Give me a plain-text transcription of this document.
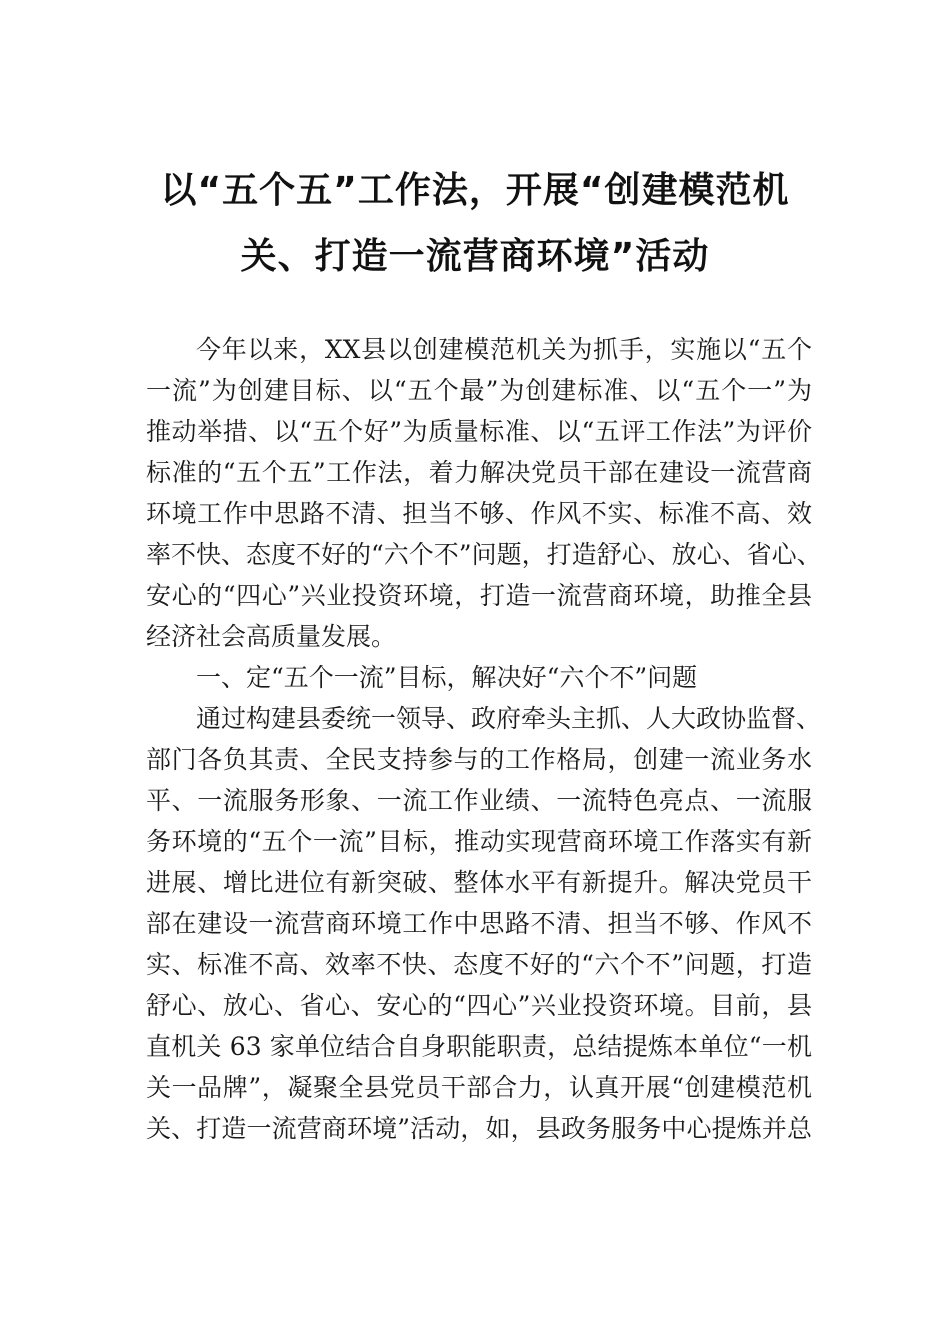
以“五个五”工作法，开展“创建模范机
关、打造一流营商环境”活动
今年以来，XX县以创建模范机关为抓手，实施以“五个
一流”为创建目标、以“五个最”为创建标准、以“五个一”为
推动举措、以“五个好”为质量标准、以“五评工作法”为评价
标准的“五个五”工作法，着力解决党员干部在建设一流营商
环境工作中思路不清、担当不够、作风不实、标准不高、效
率不快、态度不好的“六个不”问题，打造舒心、放心、省心、
安心的“四心”兴业投资环境，打造一流营商环境，助推全县
经济社会高质量发展。
一、定“五个一流”目标，解决好“六个不”问题
通过构建县委统一领导、政府牵头主抓、人大政协监督、
部门各负其责、全民支持参与的工作格局，创建一流业务水
平、一流服务形象、一流工作业绩、一流特色亮点、一流服
务环境的“五个一流”目标，推动实现营商环境工作落实有新
进展、增比进位有新突破、整体水平有新提升。解决党员干
部在建设一流营商环境工作中思路不清、担当不够、作风不
实、标准不高、效率不快、态度不好的“六个不”问题，打造
舒心、放心、省心、安心的“四心”兴业投资环境。目前，县
直机关 63 家单位结合自身职能职责，总结提炼本单位“一机
关一品牌”，凝聚全县党员干部合力，认真开展“创建模范机
关、打造一流营商环境”活动，如，县政务服务中心提炼并总
